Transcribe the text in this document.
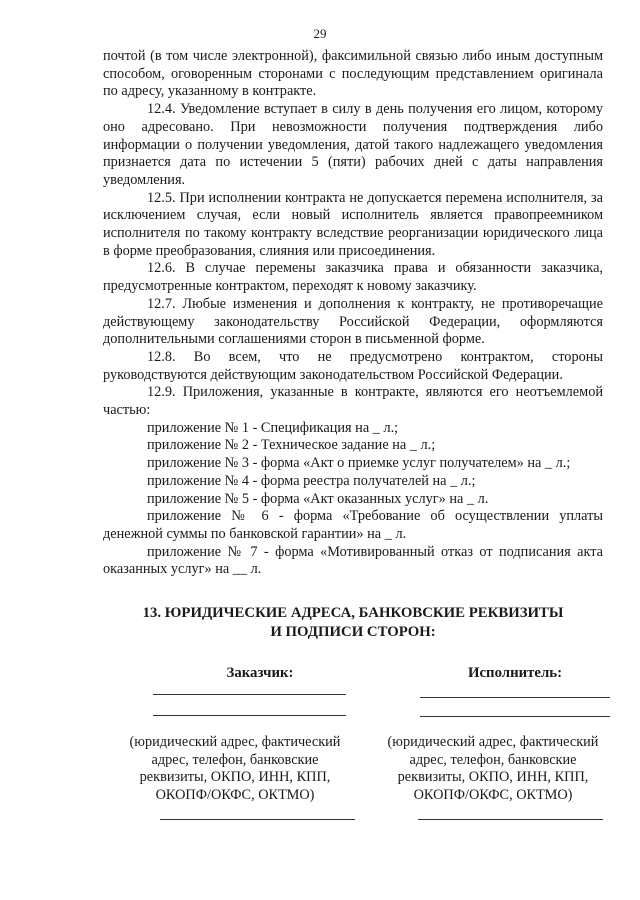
29

почтой (в том числе электронной), факсимильной связью либо иным доступным способом, оговоренным сторонами с последующим представлением оригинала по адресу, указанному в контракте.

12.4. Уведомление вступает в силу в день получения его лицом, которому оно адресовано. При невозможности получения подтверждения либо информации о получении уведомления, датой такого надлежащего уведомления признается дата по истечении 5 (пяти) рабочих дней с даты направления уведомления.

12.5. При исполнении контракта не допускается перемена исполнителя, за исключением случая, если новый исполнитель является правопреемником исполнителя по такому контракту вследствие реорганизации юридического лица в форме преобразования, слияния или присоединения.

12.6. В случае перемены заказчика права и обязанности заказчика, предусмотренные контрактом, переходят к новому заказчику.

12.7. Любые изменения и дополнения к контракту, не противоречащие действующему законодательству Российской Федерации, оформляются дополнительными соглашениями сторон в письменной форме.

12.8. Во всем, что не предусмотрено контрактом, стороны руководствуются действующим законодательством Российской Федерации.

12.9. Приложения, указанные в контракте, являются его неотъемлемой частью:

приложение № 1 - Спецификация на _ л.;

приложение № 2 - Техническое задание на _ л.;

приложение № 3 - форма «Акт о приемке услуг получателем» на _ л.;

приложение № 4 - форма реестра получателей на _ л.;

приложение № 5 - форма «Акт оказанных услуг» на _ л.

приложение № 6 - форма «Требование об осуществлении уплаты денежной суммы по банковской гарантии» на _ л.

приложение № 7 - форма «Мотивированный отказ от подписания акта оказанных услуг» на __ л.

13. ЮРИДИЧЕСКИЕ АДРЕСА, БАНКОВСКИЕ РЕКВИЗИТЫ
И ПОДПИСИ СТОРОН:
Заказчик:	Исполнитель:
(юридический адрес, фактический
адрес, телефон, банковские
реквизиты, ОКПО, ИНН, КПП,
ОКОПФ/ОКФС, ОКТМО)
(юридический адрес, фактический
адрес, телефон, банковские
реквизиты, ОКПО, ИНН, КПП,
ОКОПФ/ОКФС, ОКТМО)
